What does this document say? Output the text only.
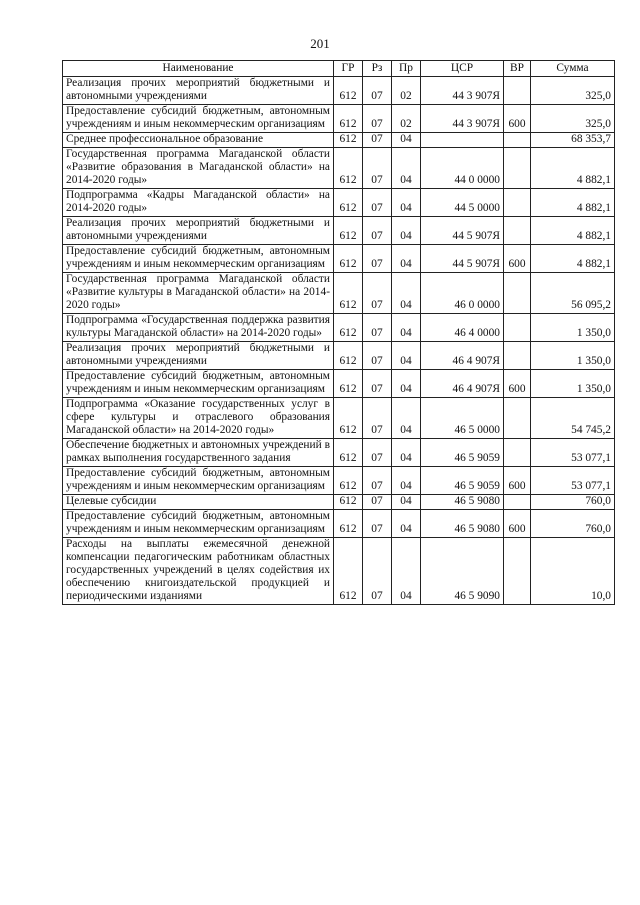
201
Наименование	ГР	Рз	Пр	ЦСР	ВР	Сумма
Реализация прочих мероприятий бюджетными и автономными учреждениями	612	07	02	44 3 907Я		325,0
Предоставление субсидий бюджетным, автономным учреждениям и иным некоммерческим организациям	612	07	02	44 3 907Я	600	325,0
Среднее профессиональное образование	612	07	04			68 353,7
Государственная программа Магаданской области «Развитие образования в Магаданской области» на 2014-2020 годы»	612	07	04	44 0 0000		4 882,1
Подпрограмма «Кадры Магаданской области» на 2014-2020 годы»	612	07	04	44 5 0000		4 882,1
Реализация прочих мероприятий бюджетными и автономными учреждениями	612	07	04	44 5 907Я		4 882,1
Предоставление субсидий бюджетным, автономным учреждениям и иным некоммерческим организациям	612	07	04	44 5 907Я	600	4 882,1
Государственная программа Магаданской области «Развитие культуры в Магаданской области» на 2014-2020 годы»	612	07	04	46 0 0000		56 095,2
Подпрограмма «Государственная поддержка развития культуры Магаданской области» на 2014-2020 годы»	612	07	04	46 4 0000		1 350,0
Реализация прочих мероприятий бюджетными и автономными учреждениями	612	07	04	46 4 907Я		1 350,0
Предоставление субсидий бюджетным, автономным учреждениям и иным некоммерческим организациям	612	07	04	46 4 907Я	600	1 350,0
Подпрограмма «Оказание государственных услуг в сфере культуры и отраслевого образования Магаданской области» на 2014-2020 годы»	612	07	04	46 5 0000		54 745,2
Обеспечение бюджетных и автономных учреждений в рамках выполнения государственного задания	612	07	04	46 5 9059		53 077,1
Предоставление субсидий бюджетным, автономным учреждениям и иным некоммерческим организациям	612	07	04	46 5 9059	600	53 077,1
Целевые субсидии	612	07	04	46 5 9080		760,0
Предоставление субсидий бюджетным, автономным учреждениям и иным некоммерческим организациям	612	07	04	46 5 9080	600	760,0
Расходы на выплаты ежемесячной денежной компенсации педагогическим работникам областных государственных учреждений в целях содействия их обеспечению книгоиздательской продукцией и периодическими изданиями	612	07	04	46 5 9090		10,0
